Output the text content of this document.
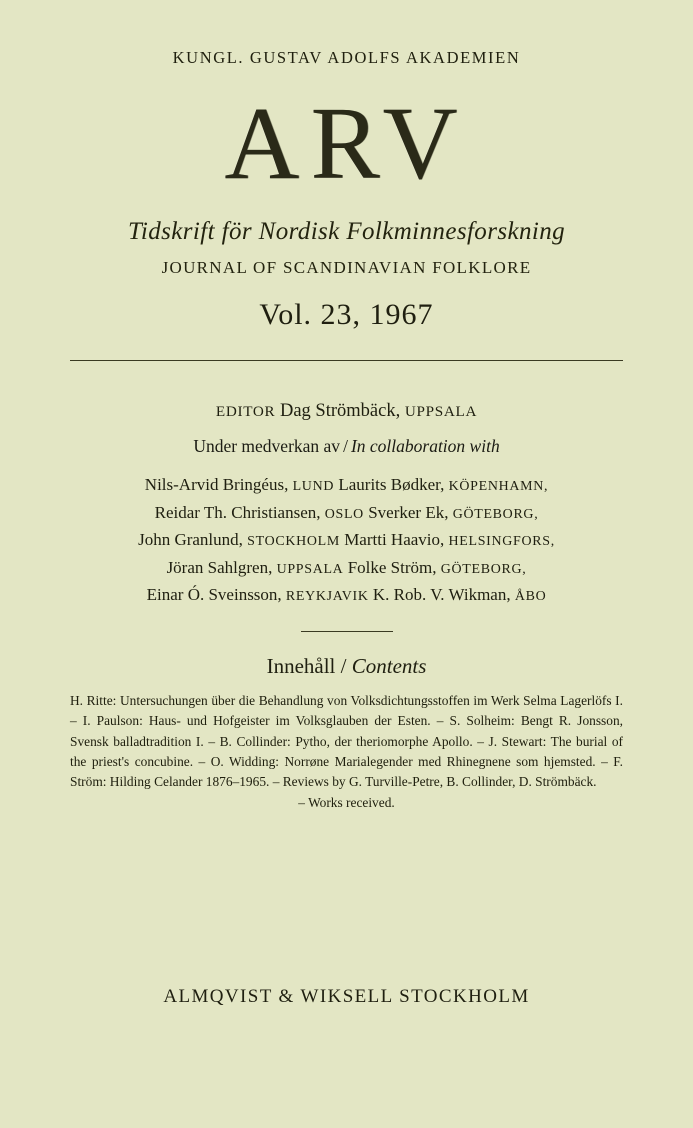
KUNGL. GUSTAV ADOLFS AKADEMIEN
ARV
Tidskrift för Nordisk Folkminnesforskning
JOURNAL OF SCANDINAVIAN FOLKLORE
Vol. 23, 1967
EDITOR Dag Strömbäck, UPPSALA
Under medverkan av / In collaboration with
Nils-Arvid Bringéus, LUND Laurits Bødker, KÖPENHAMN,
Reidar Th. Christiansen, OSLO Sverker Ek, GÖTEBORG,
John Granlund, STOCKHOLM Martti Haavio, HELSINGFORS,
Jöran Sahlgren, UPPSALA Folke Ström, GÖTEBORG,
Einar Ó. Sveinsson, REYKJAVIK K. Rob. V. Wikman, ÅBO
Innehåll / Contents
H. Ritte: Untersuchungen über die Behandlung von Volksdichtungsstoffen im Werk Selma Lagerlöfs I. – I. Paulson: Haus- und Hofgeister im Volksglauben der Esten. – S. Solheim: Bengt R. Jonsson, Svensk balladtradition I. – B. Collinder: Pytho, der theriomorphe Apollo. – J. Stewart: The burial of the priest's concubine. – O. Widding: Norrøne Marialegender med Rhinegnene som hjemsted. – F. Ström: Hilding Celander 1876–1965. – Reviews by G. Turville-Petre, B. Collinder, D. Strömbäck.
– Works received.
ALMQVIST & WIKSELL STOCKHOLM
